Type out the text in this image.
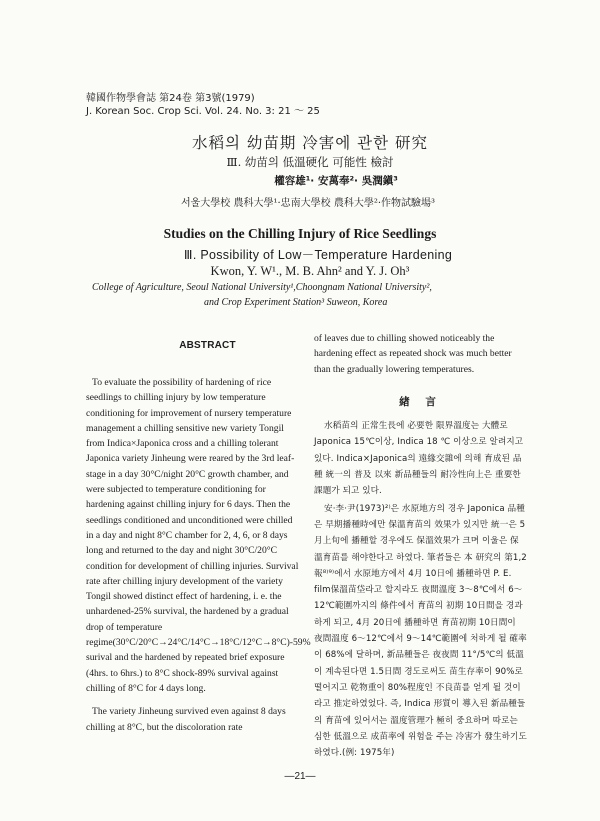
韓國作物學會誌 第24卷 第3號(1979)
J. Korean Soc. Crop Sci. Vol. 24. No. 3: 21 ～ 25
水稻의 幼苗期 冷害에 관한 研究
Ⅲ. 幼苗의 低溫硬化 可能性 檢討
權容雄¹· 安萬奉²· 吳潤鎭³
서울大學校 農科大學¹·忠南大學校 農科大學²·作物試驗場³
Studies on the Chilling Injury of Rice Seedlings
Ⅲ. Possibility of Low－Temperature Hardening
Kwon, Y. W¹., M. B. Ahn² and Y. J. Oh³
College of Agriculture, Seoul National University¹,Choongnam National University²,
and Crop Experiment Station³ Suweon, Korea
ABSTRACT

To evaluate the possibility of hardening of rice seedlings to chilling injury by low temperature conditioning for improvement of nursery temperature management a chilling sensitive new variety Tongil from Indica×Japonica cross and a chilling tolerant Japonica variety Jinheung were reared by the 3rd leaf-stage in a day 30°C/night 20°C growth chamber, and were subjected to temperature conditioning for hardening against chilling injury for 6 days. Then the seedlings conditioned and unconditioned were chilled in a day and night 8°C chamber for 2, 4, 6, or 8 days long and returned to the day and night 30°C/20°C condition for development of chilling injuries. Survival rate after chilling injury development of the variety Tongil showed distinct effect of hardening, i. e. the unhardened-25% survival, the hardened by a gradual drop of temperature regime(30°C/20°C→24°C/14°C→18°C/12°C→8°C)-59% surival and the hardened by repeated brief exposure (4hrs. to 6hrs.) to 8°C shock-89% survival against chilling of 8°C for 4 days long.

The variety Jinheung survived even against 8 days chilling at 8°C, but the discoloration rate

of leaves due to chilling showed noticeably the hardening effect as repeated shock was much better than the gradually lowering temperatures.

緖 言

水稻苗의 正常生長에 必要한 限界溫度는 大體로 Japonica 15℃이상, Indica 18 ℃ 이상으로 알려지고 있다. Indica×Japonica의 遠緣交雜에 의해 育成된 品種 統一의 普及 以來 新品種들의 耐冷性向上은 重要한 課題가 되고 있다.

安·李·尹(1973)²⁾은 水原地方의 경우 Japonica 品種은 早期播種時에만 保溫育苗의 效果가 있지만 統一은 5月上旬에 播種할 경우에도 保溫效果가 크며 이울은 保溫育苗를 해야한다고 하였다. 筆者들은 本 研究의 第1,2 報⁸⁾⁹⁾에서 水原地方에서 4月 10日에 播種하면 P. E. film保溫苗垈라고 할지라도 夜間溫度 3～8℃에서 6～12℃範圍까지의 條件에서 育苗의 初期 10日間을 경과하게 되고, 4月 20日에 播種하면 育苗初期 10日間이 夜間溫度 6～12℃에서 9～14℃範圍에 처하게 될 確率이 68%에 달하며, 新品種들은 夜夜間 11°/5℃의 低溫이 계속된다면 1.5日間 경도로써도 苗生存率이 90%로 떨어지고 乾物重이 80%程度인 不良苗를 얻게 될 것이라고 推定하였었다. 즉, Indica 形質이 導入된 新品種들의 育苗에 있어서는 溫度管理가 極히 중요하며 따로는 심한 低溫으로 成苗率에 위험을 주는 冷害가 發生하기도 하였다.(例: 1975年)

—21—
